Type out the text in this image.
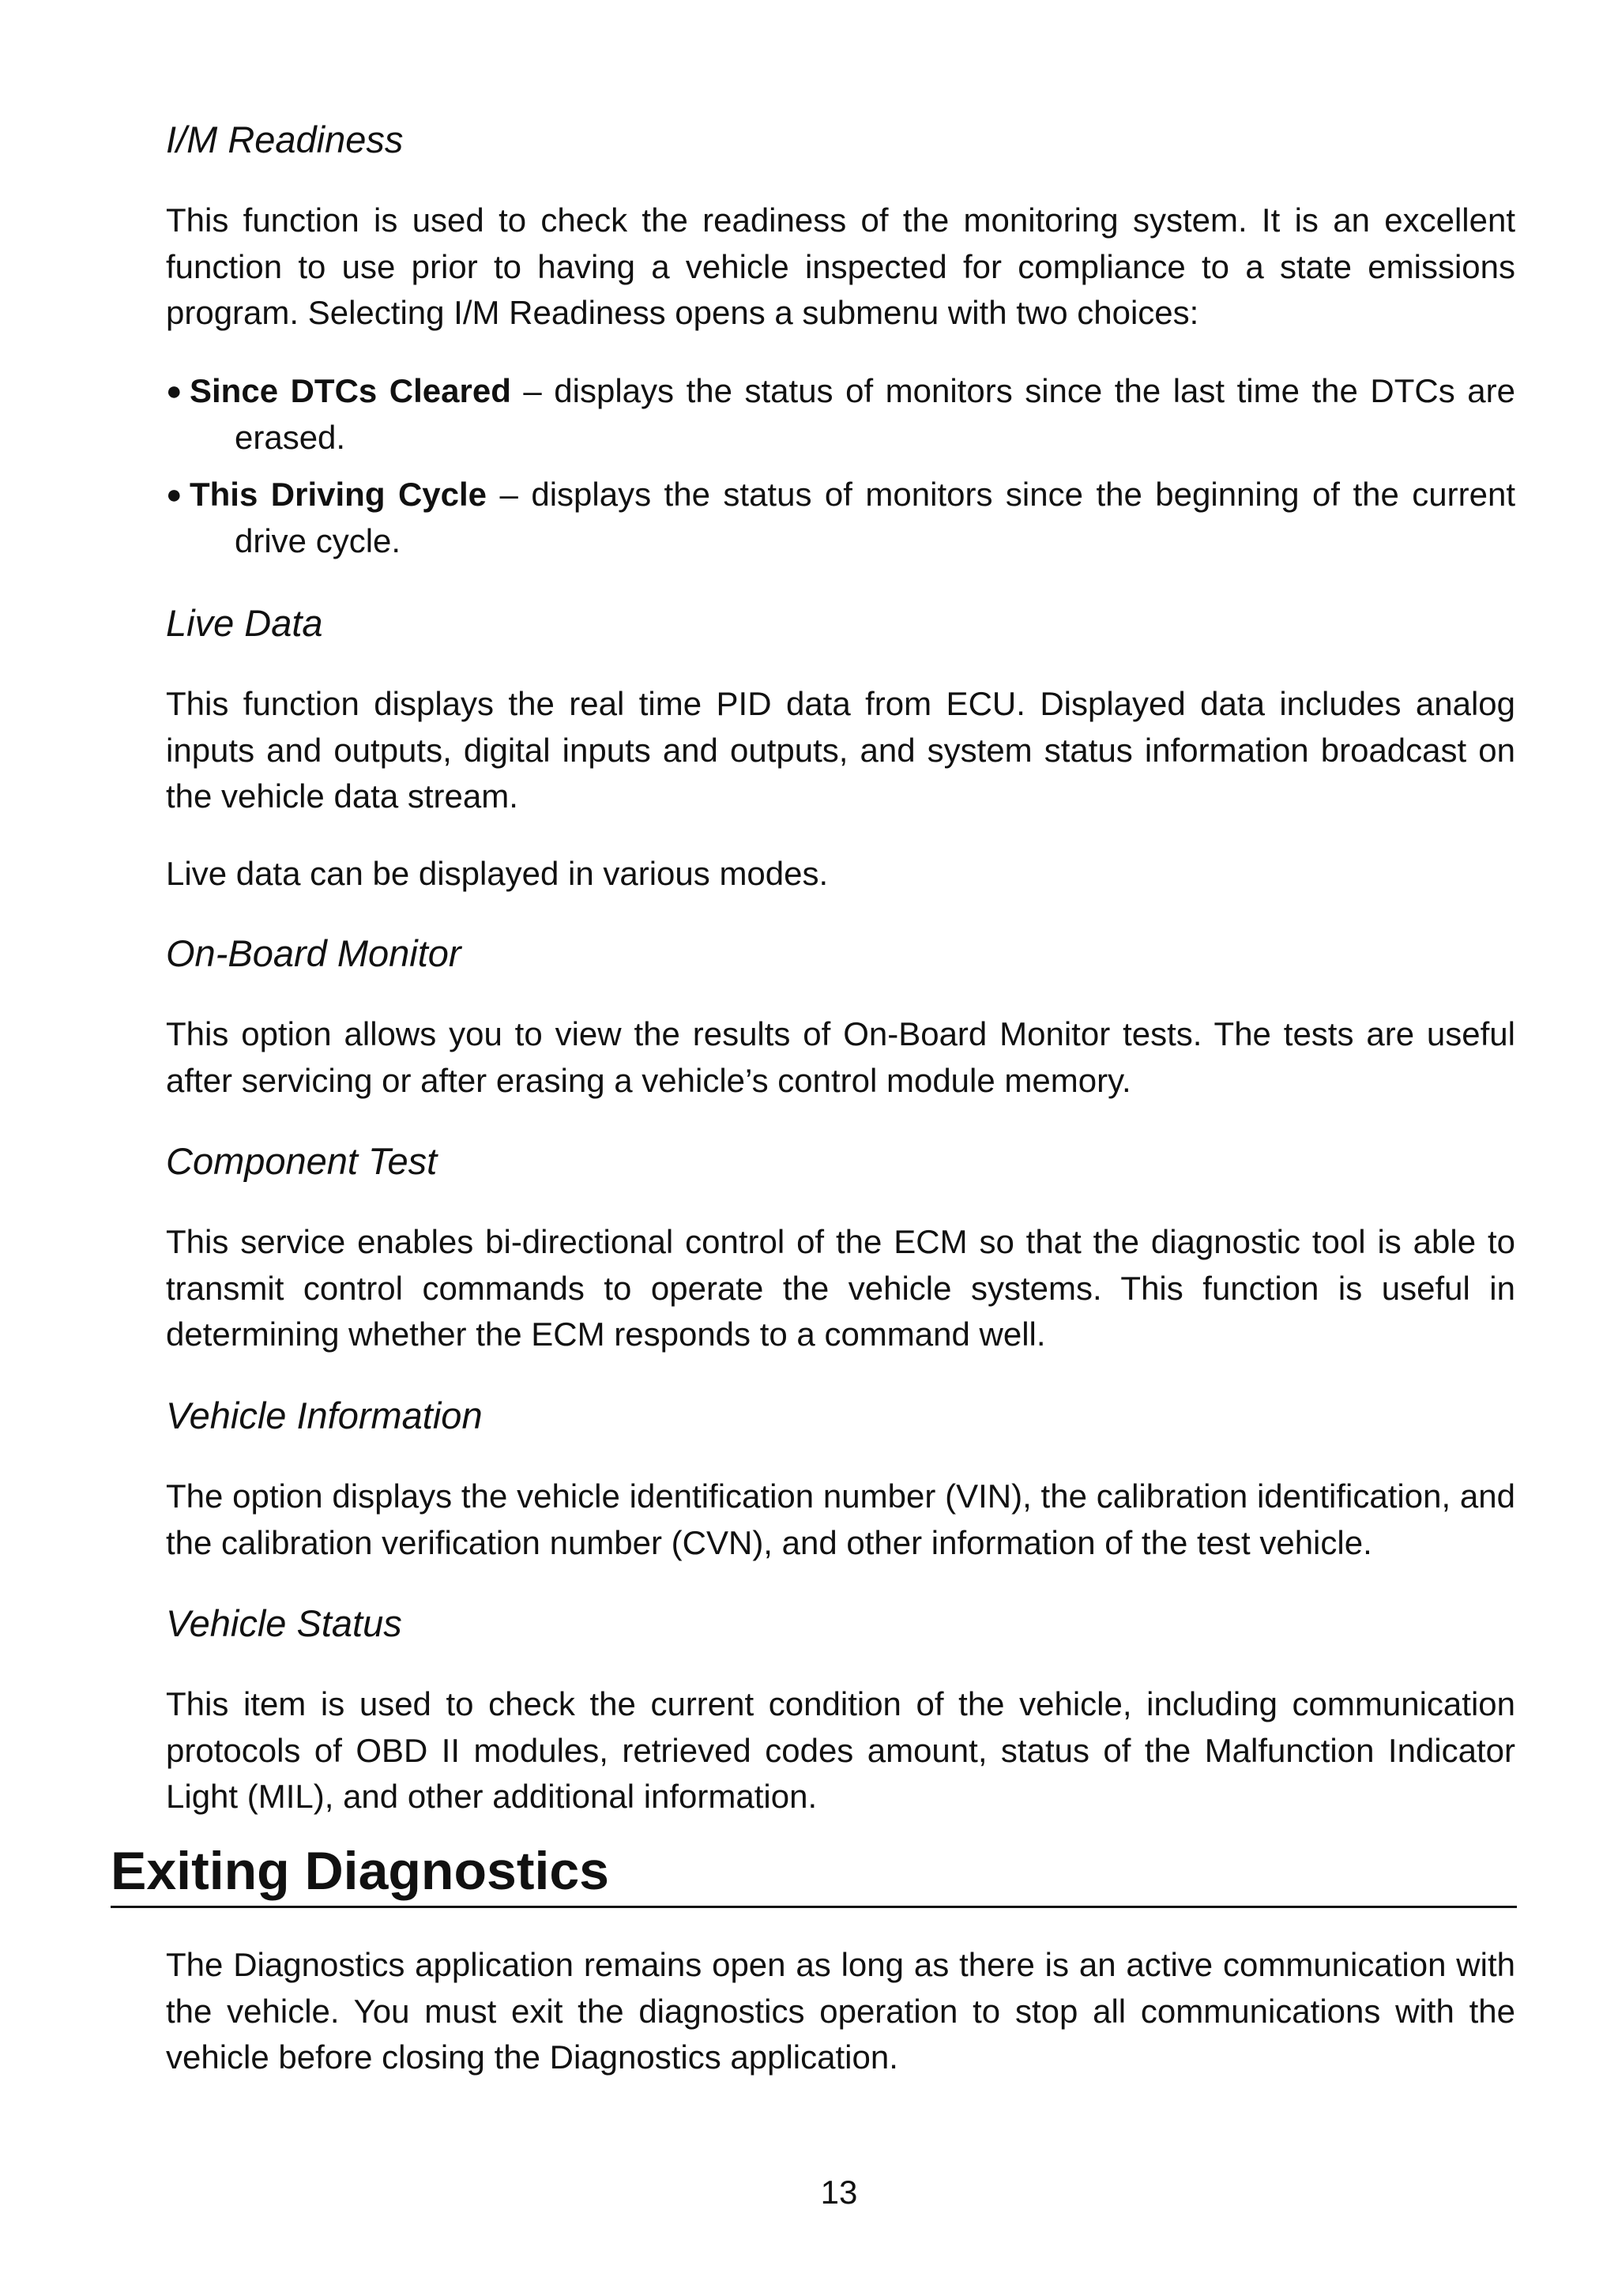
I/M Readiness

This function is used to check the readiness of the monitoring system. It is an excellent function to use prior to having a vehicle inspected for compliance to a state emissions program. Selecting I/M Readiness opens a submenu with two choices:

● Since DTCs Cleared – displays the status of monitors since the last time the DTCs are erased.

● This Driving Cycle – displays the status of monitors since the beginning of the current drive cycle.

Live Data

This function displays the real time PID data from ECU. Displayed data includes analog inputs and outputs, digital inputs and outputs, and system status information broadcast on the vehicle data stream.

Live data can be displayed in various modes.

On-Board Monitor

This option allows you to view the results of On-Board Monitor tests. The tests are useful after servicing or after erasing a vehicle’s control module memory.

Component Test

This service enables bi-directional control of the ECM so that the diagnostic tool is able to transmit control commands to operate the vehicle systems. This function is useful in determining whether the ECM responds to a command well.

Vehicle Information

The option displays the vehicle identification number (VIN), the calibration identification, and the calibration verification number (CVN), and other information of the test vehicle.

Vehicle Status

This item is used to check the current condition of the vehicle, including communication protocols of OBD II modules, retrieved codes amount, status of the Malfunction Indicator Light (MIL), and other additional information.

Exiting Diagnostics

The Diagnostics application remains open as long as there is an active communication with the vehicle. You must exit the diagnostics operation to stop all communications with the vehicle before closing the Diagnostics application.

13
